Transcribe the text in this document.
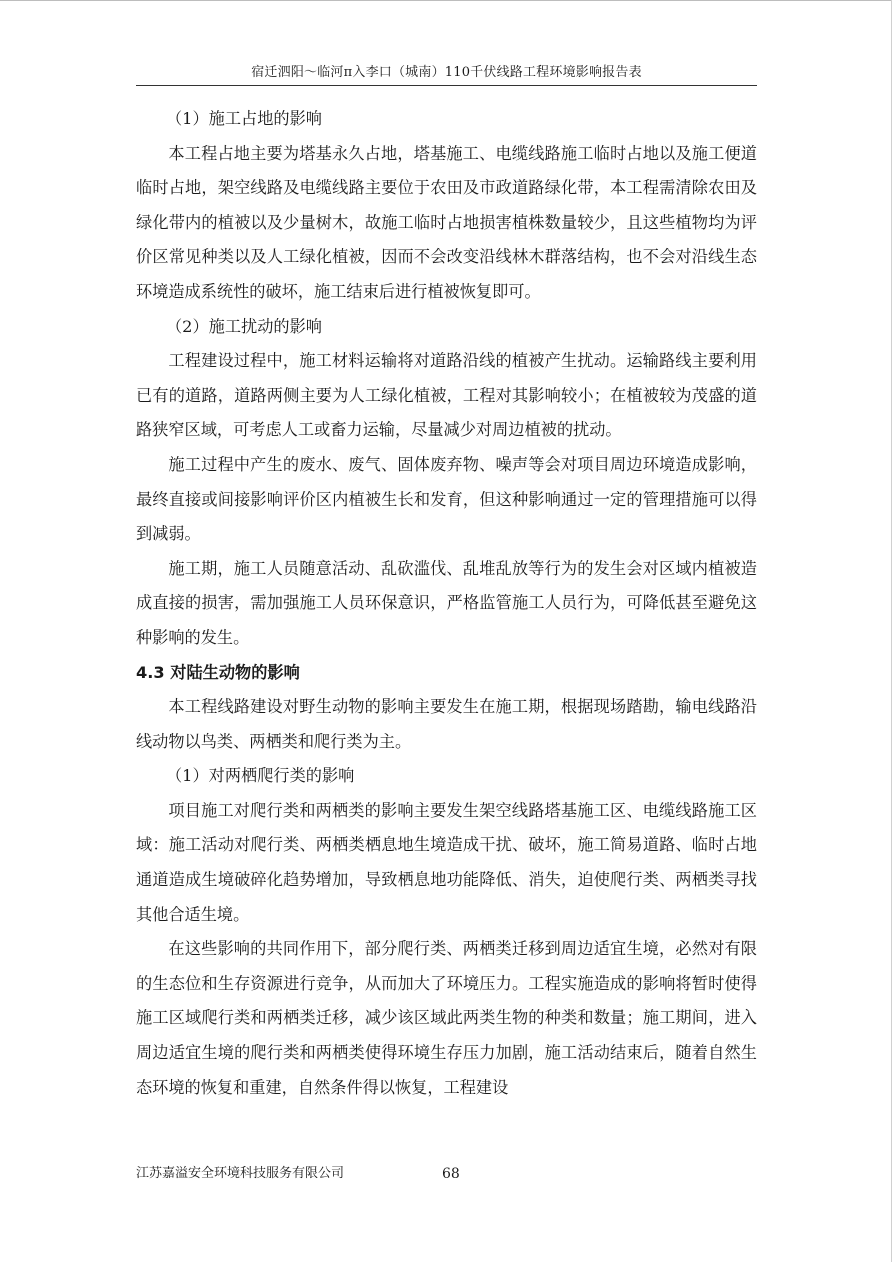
宿迁泗阳～临河π入李口（城南）110千伏线路工程环境影响报告表

（1）施工占地的影响

本工程占地主要为塔基永久占地，塔基施工、电缆线路施工临时占地以及施工便道临时占地，架空线路及电缆线路主要位于农田及市政道路绿化带，本工程需清除农田及绿化带内的植被以及少量树木，故施工临时占地损害植株数量较少，且这些植物均为评价区常见种类以及人工绿化植被，因而不会改变沿线林木群落结构，也不会对沿线生态环境造成系统性的破坏，施工结束后进行植被恢复即可。

（2）施工扰动的影响

工程建设过程中，施工材料运输将对道路沿线的植被产生扰动。运输路线主要利用已有的道路，道路两侧主要为人工绿化植被，工程对其影响较小；在植被较为茂盛的道路狭窄区域，可考虑人工或畜力运输，尽量减少对周边植被的扰动。

施工过程中产生的废水、废气、固体废弃物、噪声等会对项目周边环境造成影响，最终直接或间接影响评价区内植被生长和发育，但这种影响通过一定的管理措施可以得到减弱。

施工期，施工人员随意活动、乱砍滥伐、乱堆乱放等行为的发生会对区域内植被造成直接的损害，需加强施工人员环保意识，严格监管施工人员行为，可降低甚至避免这种影响的发生。

4.3 对陆生动物的影响

本工程线路建设对野生动物的影响主要发生在施工期，根据现场踏勘，输电线路沿线动物以鸟类、两栖类和爬行类为主。

（1）对两栖爬行类的影响

项目施工对爬行类和两栖类的影响主要发生架空线路塔基施工区、电缆线路施工区域：施工活动对爬行类、两栖类栖息地生境造成干扰、破坏，施工简易道路、临时占地通道造成生境破碎化趋势增加，导致栖息地功能降低、消失，迫使爬行类、两栖类寻找其他合适生境。

在这些影响的共同作用下，部分爬行类、两栖类迁移到周边适宜生境，必然对有限的生态位和生存资源进行竞争，从而加大了环境压力。工程实施造成的影响将暂时使得施工区域爬行类和两栖类迁移，减少该区域此两类生物的种类和数量；施工期间，进入周边适宜生境的爬行类和两栖类使得环境生存压力加剧，施工活动结束后，随着自然生态环境的恢复和重建，自然条件得以恢复，工程建设

江苏嘉溢安全环境科技服务有限公司	68
